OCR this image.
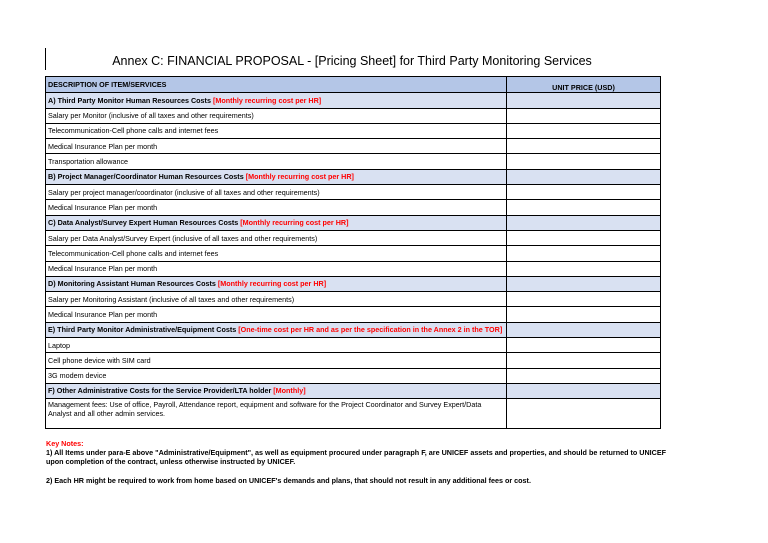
Annex C: FINANCIAL PROPOSAL - [Pricing Sheet] for Third Party Monitoring Services
DESCRIPTION OF ITEM/SERVICES	UNIT PRICE (USD)
A) Third Party Monitor Human Resources Costs [Monthly recurring cost per HR]	
Salary per Monitor (inclusive of all taxes and other requirements)	
Telecommunication-Cell phone calls and internet fees	
Medical Insurance Plan per month	
Transportation allowance	
B) Project Manager/Coordinator Human Resources Costs [Monthly recurring cost per HR]	
Salary per project manager/coordinator (inclusive of all taxes and other requirements)	
Medical Insurance Plan per month	
C) Data Analyst/Survey Expert Human Resources Costs [Monthly recurring cost per HR]	
Salary per Data Analyst/Survey Expert (inclusive of all taxes and other requirements)	
Telecommunication-Cell phone calls and internet fees	
Medical Insurance Plan per month	
D) Monitoring Assistant Human Resources Costs [Monthly recurring cost per HR]	
Salary per Monitoring Assistant (inclusive of all taxes and other requirements)	
Medical Insurance Plan per month	
E) Third Party Monitor Administrative/Equipment Costs [One-time cost per HR and as per the specification in the Annex 2 in the TOR]	
Laptop	
Cell phone device with SIM card	
3G modem device	
F) Other Administrative Costs for the Service Provider/LTA holder [Monthly]	
Management fees: Use of office, Payroll, Attendance report, equipment and software for the Project Coordinator and Survey Expert/Data Analyst and all other admin services.	

Key Notes:

1) All Items under para-E above "Administrative/Equipment", as well as equipment procured under paragraph F, are UNICEF assets and properties, and should be returned to UNICEF upon completion of the contract, unless otherwise instructed by UNICEF.

2) Each HR might be required to work from home based on UNICEF's demands and plans, that should not result in any additional fees or cost.
